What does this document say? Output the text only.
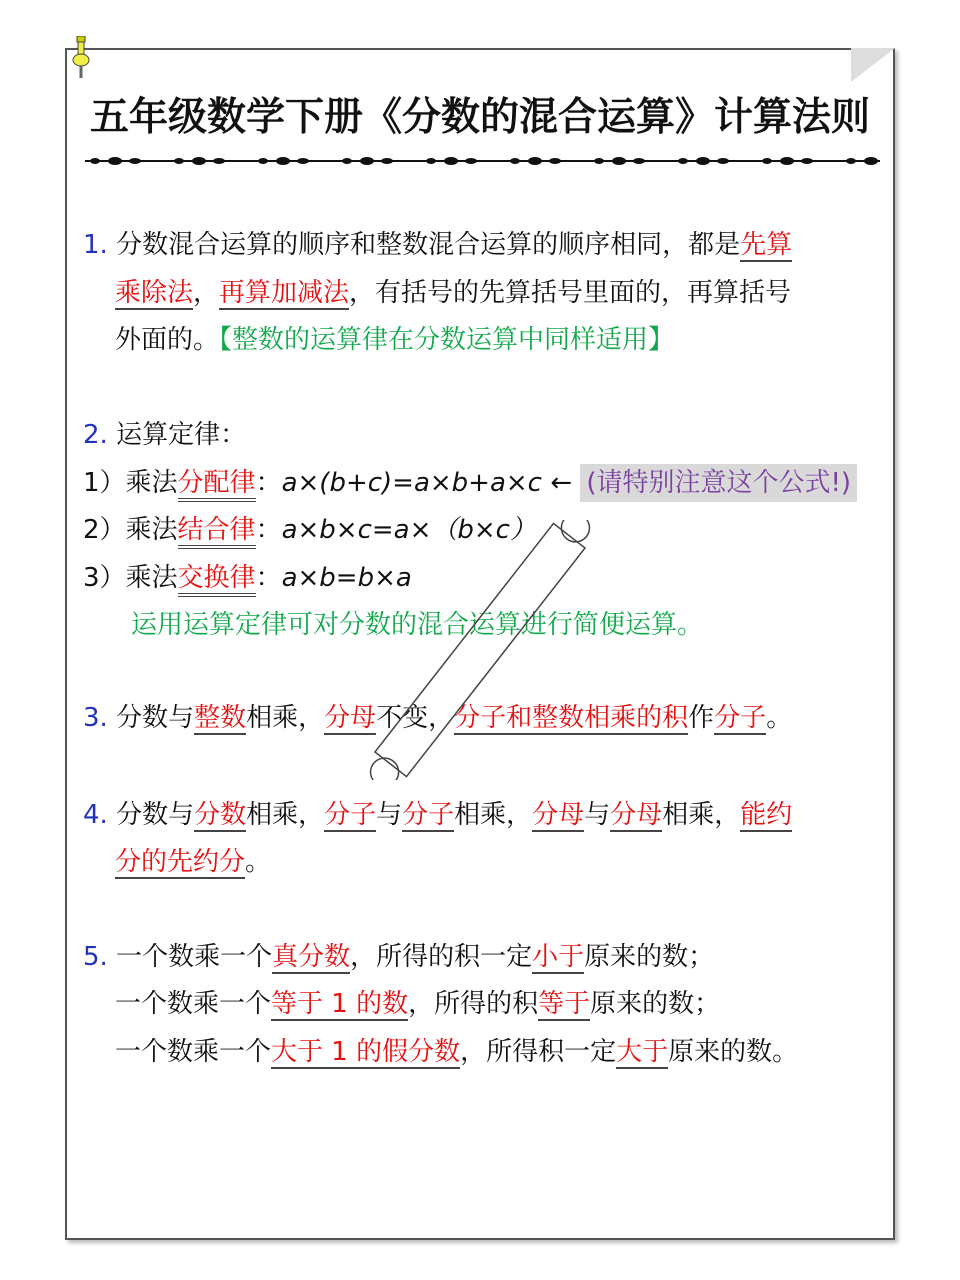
五年级数学下册《分数的混合运算》计算法则
1. 分数混合运算的顺序和整数混合运算的顺序相同，都是先算
乘除法，再算加减法，有括号的先算括号里面的，再算括号
外面的。【整数的运算律在分数运算中同样适用】
2. 运算定律：
1）乘法分配律：a×(b+c)=a×b+a×c ← (请特别注意这个公式!)
2）乘法结合律：a×b×c=a×（b×c）
3）乘法交换律：a×b=b×a
运用运算定律可对分数的混合运算进行简便运算。
3. 分数与整数相乘，分母不变，分子和整数相乘的积作分子。
4. 分数与分数相乘，分子与分子相乘，分母与分母相乘，能约
分的先约分。
5. 一个数乘一个真分数，所得的积一定小于原来的数；
一个数乘一个等于 1 的数，所得的积等于原来的数；
一个数乘一个大于 1 的假分数，所得积一定大于原来的数。
